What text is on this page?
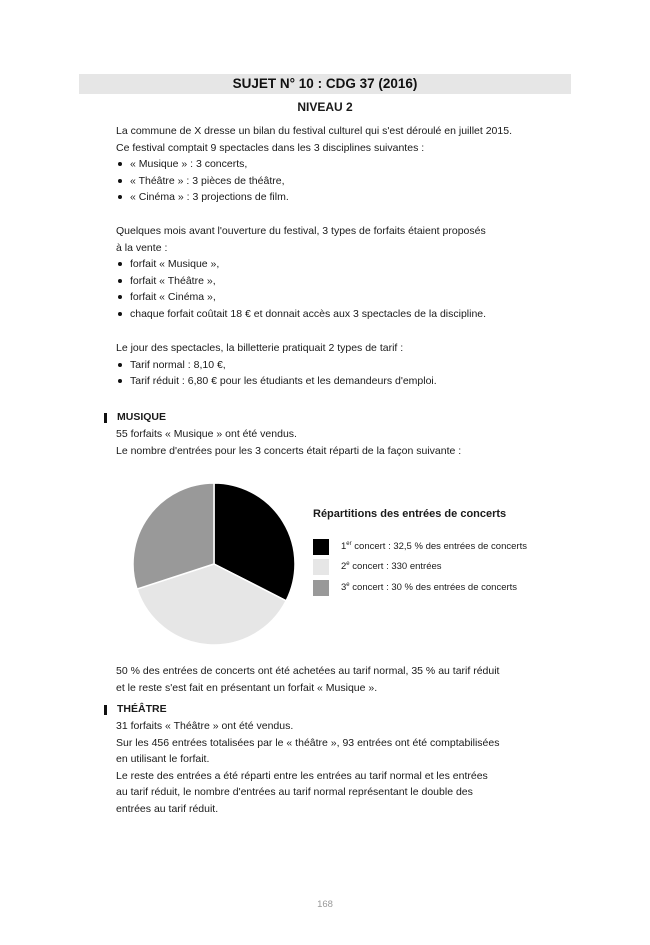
SUJET N° 10 : CDG 37 (2016)
NIVEAU 2
La commune de X dresse un bilan du festival culturel qui s'est déroulé en juillet 2015.
Ce festival comptait 9 spectacles dans les 3 disciplines suivantes :
« Musique » : 3 concerts,
« Théâtre » : 3 pièces de théâtre,
« Cinéma » : 3 projections de film.
Quelques mois avant l'ouverture du festival, 3 types de forfaits étaient proposés
à la vente :
forfait « Musique »,
forfait « Théâtre »,
forfait « Cinéma »,
chaque forfait coûtait 18 € et donnait accès aux 3 spectacles de la discipline.
Le jour des spectacles, la billetterie pratiquait 2 types de tarif :
Tarif normal : 8,10 €,
Tarif réduit : 6,80 € pour les étudiants et les demandeurs d'emploi.
MUSIQUE
55 forfaits « Musique » ont été vendus.
Le nombre d'entrées pour les 3 concerts était réparti de la façon suivante :
Répartitions des entrées de concerts
1er concert : 32,5 % des entrées de concerts
2e concert : 330 entrées
3e concert : 30 % des entrées de concerts
50 % des entrées de concerts ont été achetées au tarif normal, 35 % au tarif réduit
et le reste s'est fait en présentant un forfait « Musique ».
THÉÂTRE
31 forfaits « Théâtre » ont été vendus.
Sur les 456 entrées totalisées par le « théâtre », 93 entrées ont été comptabilisées
en utilisant le forfait.
Le reste des entrées a été réparti entre les entrées au tarif normal et les entrées
au tarif réduit, le nombre d'entrées au tarif normal représentant le double des
entrées au tarif réduit.
168
